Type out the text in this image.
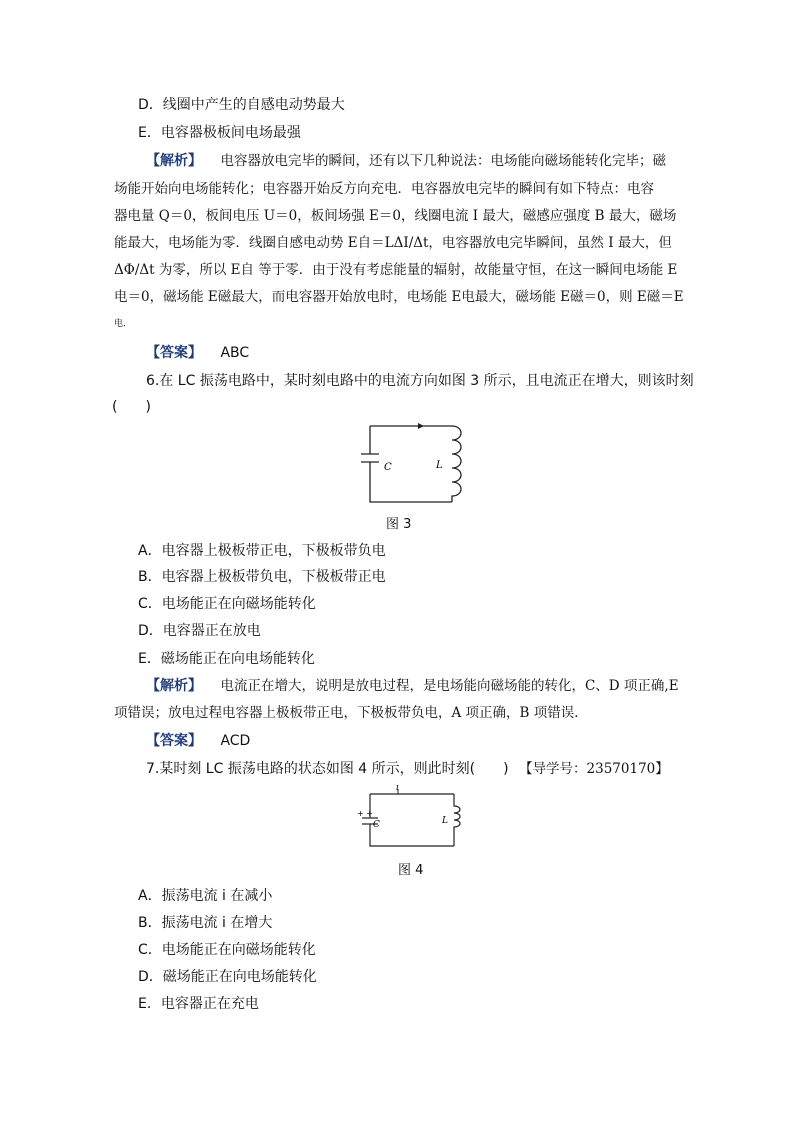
D．线圈中产生的自感电动势最大
E．电容器极板间电场最强
【解析】 电容器放电完毕的瞬间，还有以下几种说法：电场能向磁场能转化完毕；磁
场能开始向电场能转化；电容器开始反方向充电．电容器放电完毕的瞬间有如下特点：电容
器电量 Q＝0，板间电压 U＝0，板间场强 E＝0，线圈电流 I 最大，磁感应强度 B 最大，磁场
能最大，电场能为零．线圈自感电动势 E自＝LΔI/Δt，电容器放电完毕瞬间，虽然 I 最大，但
ΔΦ/Δt 为零，所以 E自 等于零．由于没有考虑能量的辐射，故能量守恒，在这一瞬间电场能 E
电＝0，磁场能 E磁最大，而电容器开始放电时，电场能 E电最大，磁场能 E磁＝0，则 E磁＝E
电．
【答案】 ABC
6.在 LC 振荡电路中，某时刻电路中的电流方向如图 3 所示，且电流正在增大，则该时刻
(　　)
C	L
图 3
A．电容器上极板带正电，下极板带负电
B．电容器上极板带负电，下极板带正电
C．电场能正在向磁场能转化
D．电容器正在放电
E．磁场能正在向电场能转化
【解析】 电流正在增大，说明是放电过程，是电场能向磁场能的转化，C、D 项正确,E
项错误；放电过程电容器上极板带正电，下极板带负电，A 项正确，B 项错误．
【答案】 ACD
7.某时刻 LC 振荡电路的状态如图 4 所示，则此时刻(　　) 【导学号：23570170】
i
+ +
C	L
图 4
A．振荡电流 i 在减小
B．振荡电流 i 在增大
C．电场能正在向磁场能转化
D．磁场能正在向电场能转化
E．电容器正在充电
